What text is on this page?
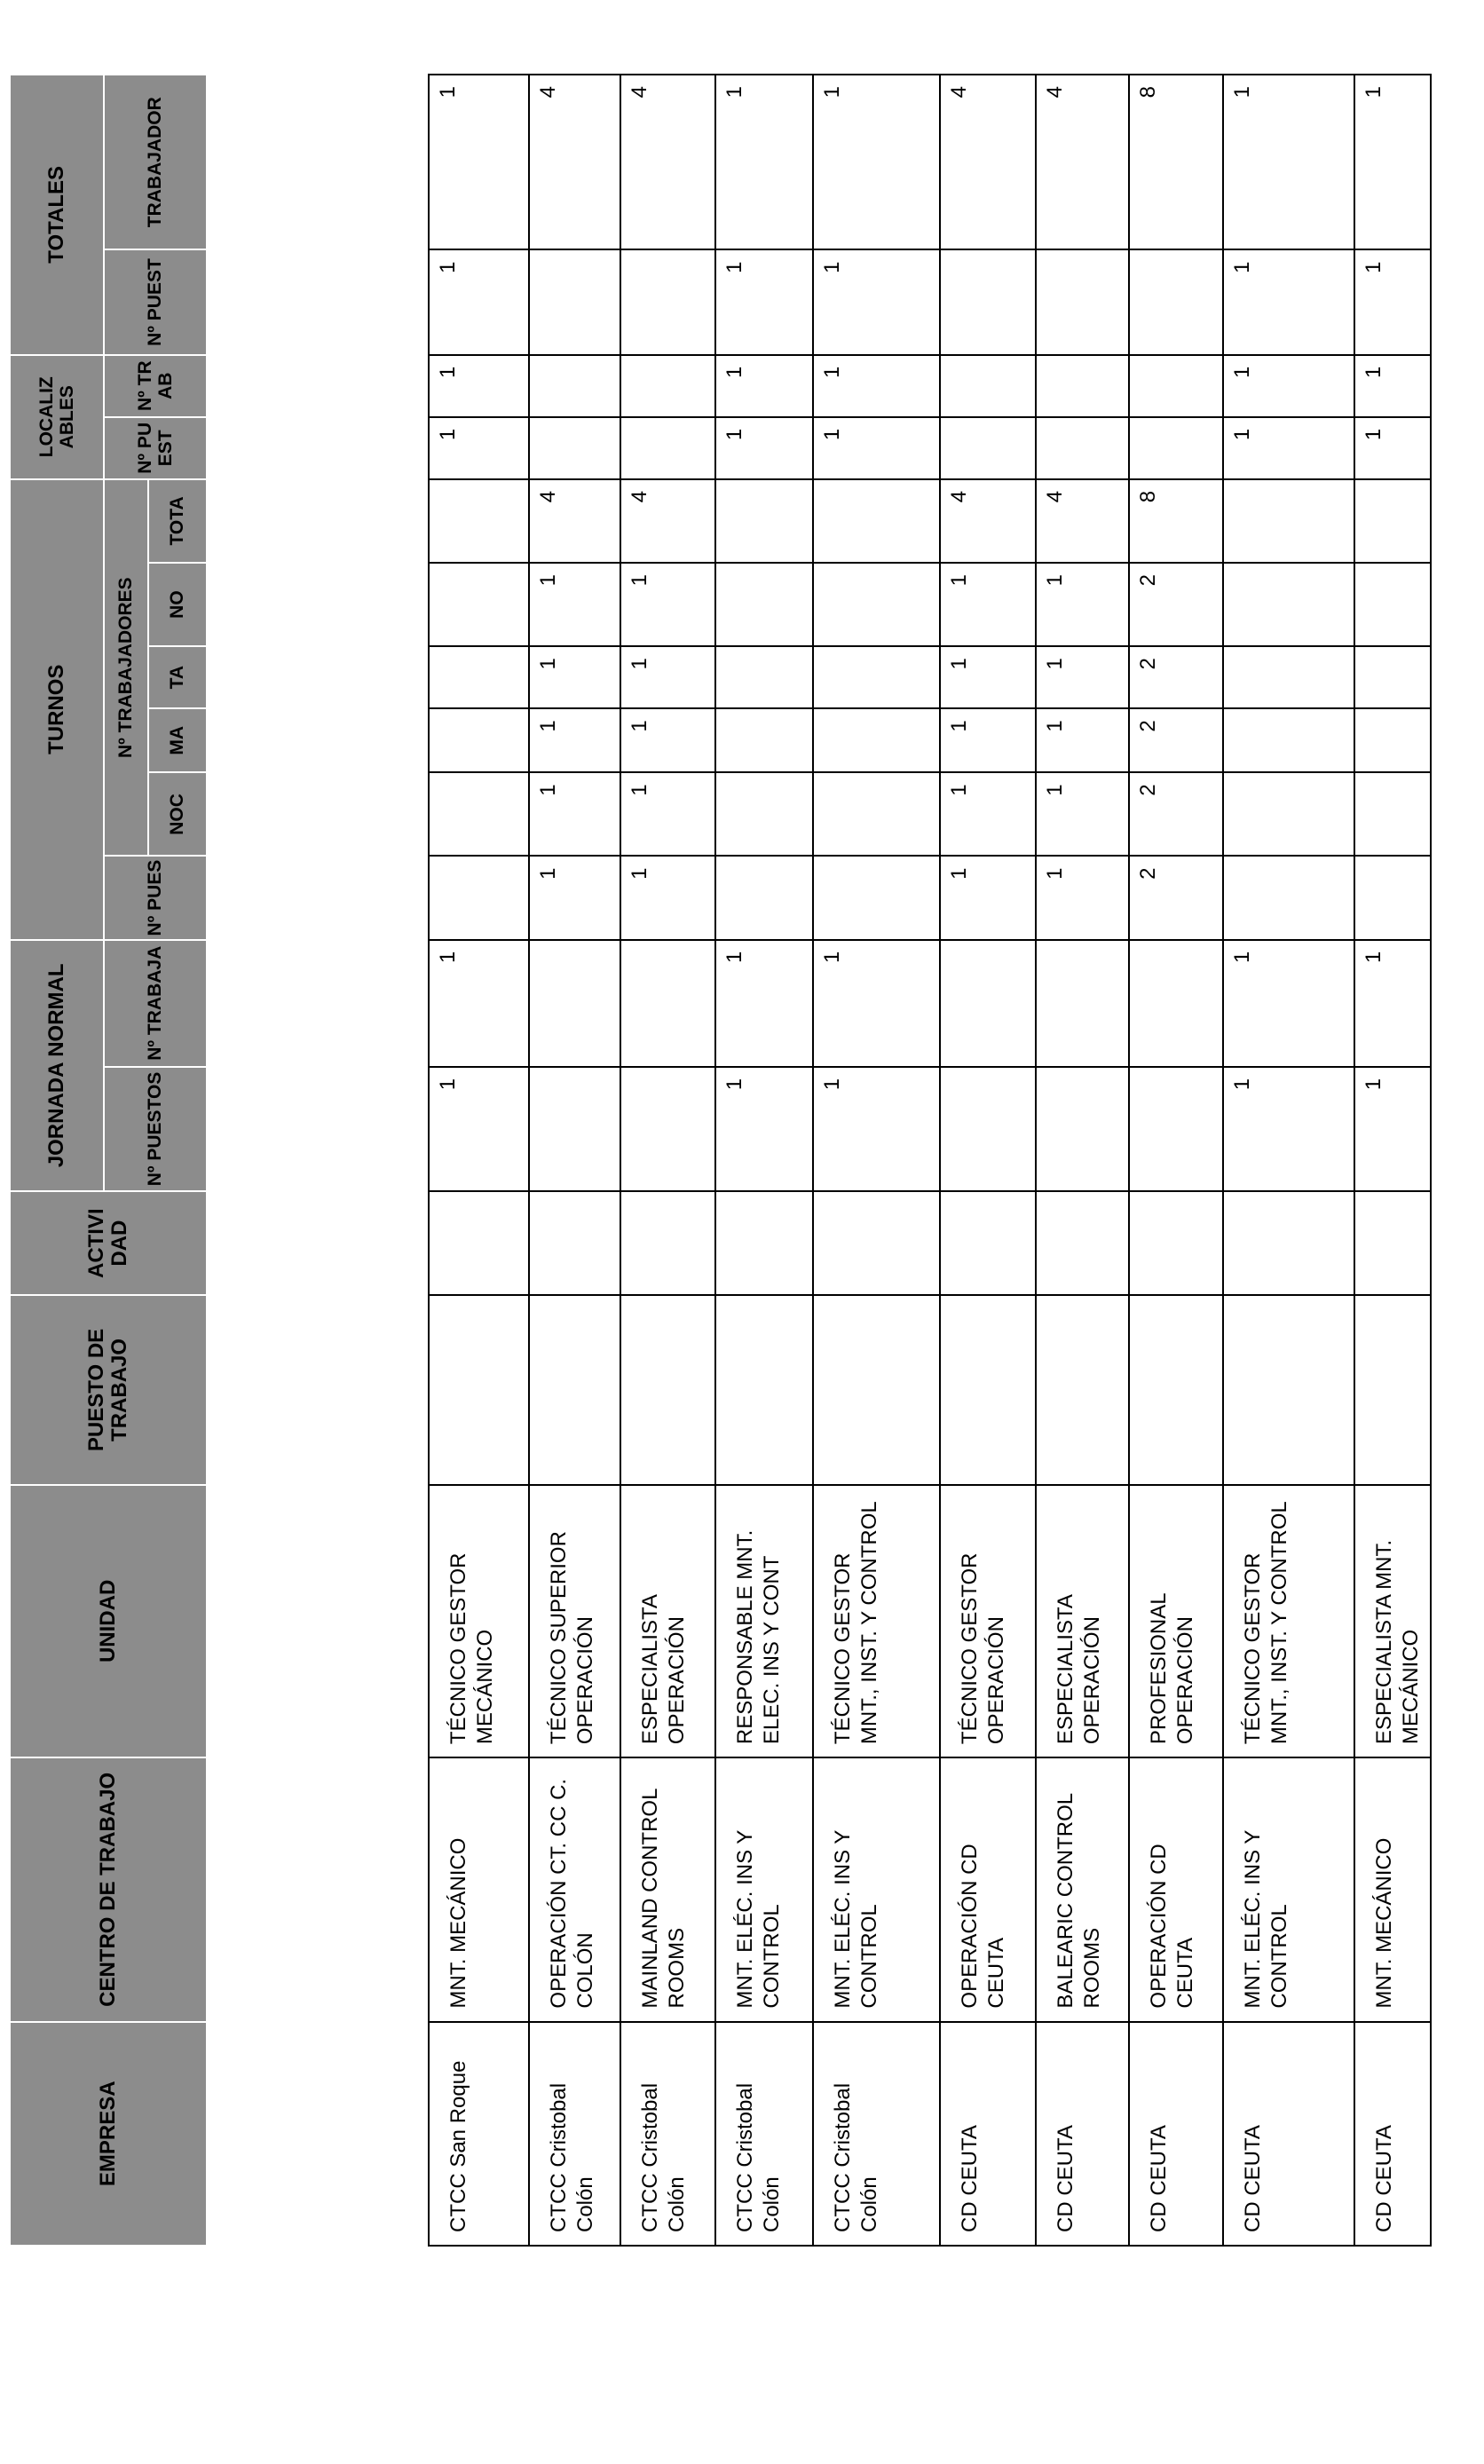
EMPRESA	CENTRO DE TRABAJO	UNIDAD	PUESTO DE TRABAJO	ACTIVI DAD	JORNADA NORMAL		TURNOS						LOCALIZ ABLES		TOTALES	
					Nº PUESTOS	Nº TRABAJA	Nº PUES	Nº TRABAJADORES					Nº PU EST	Nº TR AB	Nº PUEST	TRABAJADOR
								NOC	MA	TA	NO	TOTA				
CTCC San Roque	MNT. MECÁNICO	TÉCNICO GESTOR MECÁNICO			1	1							1	1	1	1
CTCC Cristobal Colón	OPERACIÓN CT. CC C. COLÓN	TÉCNICO SUPERIOR OPERACIÓN					1	1	1	1	1	4				4
CTCC Cristobal Colón	MAINLAND CONTROL ROOMS	ESPECIALISTA OPERACIÓN					1	1	1	1	1	4				4
CTCC Cristobal Colón	MNT. ELÉC. INS Y CONTROL	RESPONSABLE MNT. ELEC. INS Y CONT			1	1							1	1	1	1
CTCC Cristobal Colón	MNT. ELÉC. INS Y CONTROL	TÉCNICO GESTOR MNT., INST. Y CONTROL			1	1							1	1	1	1
CD CEUTA	OPERACIÓN CD CEUTA	TÉCNICO GESTOR OPERACIÓN					1	1	1	1	1	4				4
CD CEUTA	BALEARIC CONTROL ROOMS	ESPECIALISTA OPERACIÓN					1	1	1	1	1	4				4
CD CEUTA	OPERACIÓN CD CEUTA	PROFESIONAL OPERACIÓN					2	2	2	2	2	8				8
CD CEUTA	MNT. ELÉC. INS Y CONTROL	TÉCNICO GESTOR MNT., INST. Y CONTROL			1	1							1	1	1	1
CD CEUTA	MNT. MECÁNICO	ESPECIALISTA MNT. MECÁNICO			1	1							1	1	1	1
